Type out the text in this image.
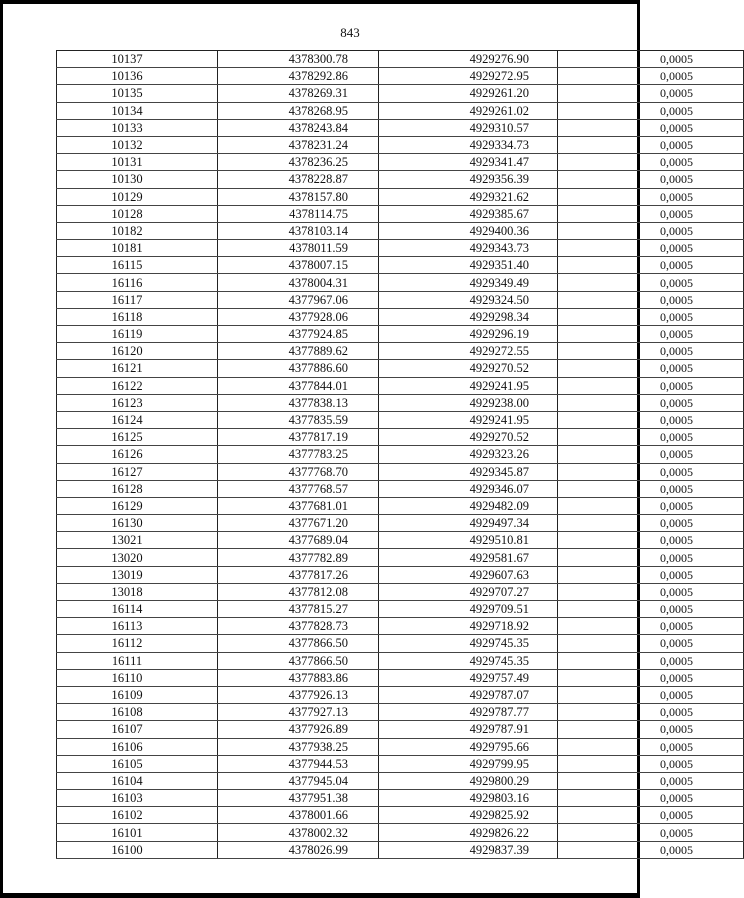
843
10137	4378300.78	4929276.90	0,0005
10136	4378292.86	4929272.95	0,0005
10135	4378269.31	4929261.20	0,0005
10134	4378268.95	4929261.02	0,0005
10133	4378243.84	4929310.57	0,0005
10132	4378231.24	4929334.73	0,0005
10131	4378236.25	4929341.47	0,0005
10130	4378228.87	4929356.39	0,0005
10129	4378157.80	4929321.62	0,0005
10128	4378114.75	4929385.67	0,0005
10182	4378103.14	4929400.36	0,0005
10181	4378011.59	4929343.73	0,0005
16115	4378007.15	4929351.40	0,0005
16116	4378004.31	4929349.49	0,0005
16117	4377967.06	4929324.50	0,0005
16118	4377928.06	4929298.34	0,0005
16119	4377924.85	4929296.19	0,0005
16120	4377889.62	4929272.55	0,0005
16121	4377886.60	4929270.52	0,0005
16122	4377844.01	4929241.95	0,0005
16123	4377838.13	4929238.00	0,0005
16124	4377835.59	4929241.95	0,0005
16125	4377817.19	4929270.52	0,0005
16126	4377783.25	4929323.26	0,0005
16127	4377768.70	4929345.87	0,0005
16128	4377768.57	4929346.07	0,0005
16129	4377681.01	4929482.09	0,0005
16130	4377671.20	4929497.34	0,0005
13021	4377689.04	4929510.81	0,0005
13020	4377782.89	4929581.67	0,0005
13019	4377817.26	4929607.63	0,0005
13018	4377812.08	4929707.27	0,0005
16114	4377815.27	4929709.51	0,0005
16113	4377828.73	4929718.92	0,0005
16112	4377866.50	4929745.35	0,0005
16111	4377866.50	4929745.35	0,0005
16110	4377883.86	4929757.49	0,0005
16109	4377926.13	4929787.07	0,0005
16108	4377927.13	4929787.77	0,0005
16107	4377926.89	4929787.91	0,0005
16106	4377938.25	4929795.66	0,0005
16105	4377944.53	4929799.95	0,0005
16104	4377945.04	4929800.29	0,0005
16103	4377951.38	4929803.16	0,0005
16102	4378001.66	4929825.92	0,0005
16101	4378002.32	4929826.22	0,0005
16100	4378026.99	4929837.39	0,0005
